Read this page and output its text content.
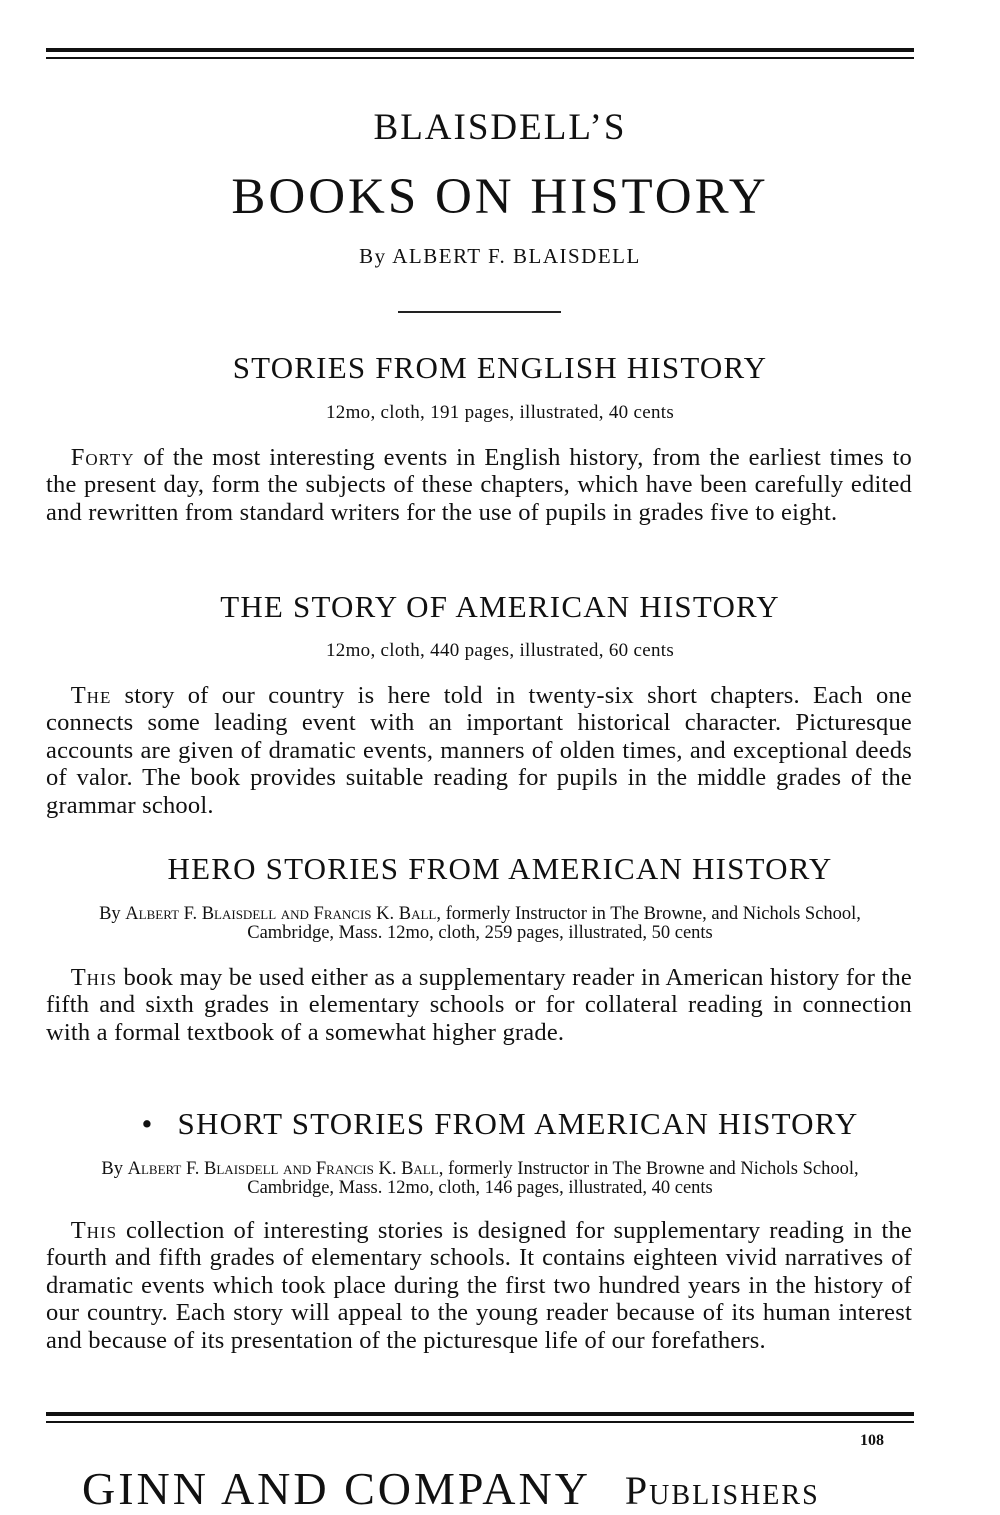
BLAISDELL’S
BOOKS ON HISTORY
By ALBERT F. BLAISDELL
STORIES FROM ENGLISH HISTORY
12mo, cloth, 191 pages, illustrated, 40 cents

 Forty of the most interesting events in English history, from the earliest times to the present day, form the subjects of these chapters, which have been carefully edited and rewritten from standard writers for the use of pupils in grades five to eight.

THE STORY OF AMERICAN HISTORY
12mo, cloth, 440 pages, illustrated, 60 cents

 The story of our country is here told in twenty-six short chapters. Each one connects some leading event with an important historical character. Picturesque accounts are given of dramatic events, manners of olden times, and exceptional deeds of valor. The book provides suitable reading for pupils in the middle grades of the grammar school.

HERO STORIES FROM AMERICAN HISTORY

By Albert F. Blaisdell and Francis K. Ball, formerly Instructor in The Browne, and Nichols School, Cambridge, Mass. 12mo, cloth, 259 pages, illustrated, 50 cents

 This book may be used either as a supplementary reader in American history for the fifth and sixth grades in elementary schools or for collateral reading in connection with a formal textbook of a somewhat higher grade.

• SHORT STORIES FROM AMERICAN HISTORY

By Albert F. Blaisdell and Francis K. Ball, formerly Instructor in The Browne and Nichols School, Cambridge, Mass. 12mo, cloth, 146 pages, illustrated, 40 cents

 This collection of interesting stories is designed for supplementary reading in the fourth and fifth grades of elementary schools. It contains eighteen vivid narratives of dramatic events which took place during the first two hundred years in the history of our country. Each story will appeal to the young reader because of its human interest and because of its presentation of the picturesque life of our forefathers.

108
GINN AND COMPANY Publishers
